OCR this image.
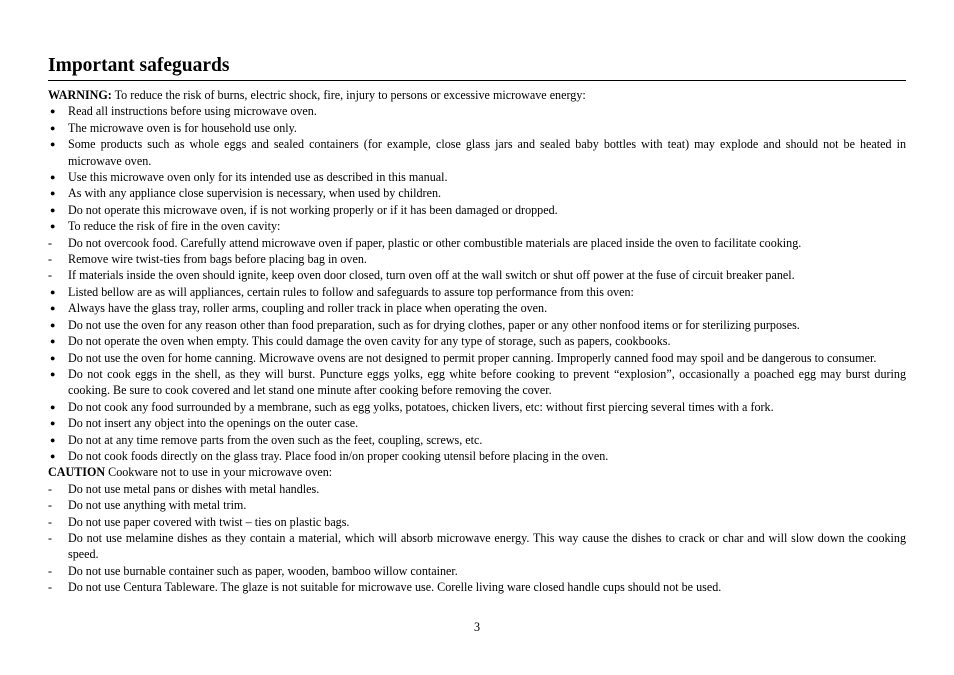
Important safeguards
WARNING: To reduce the risk of burns, electric shock, fire, injury to persons or excessive microwave energy:
●	Read all instructions before using microwave oven.
●	The microwave oven is for household use only.
●	Some products such as whole eggs and sealed containers (for example, close glass jars and sealed baby bottles with teat) may explode and should not be heated in microwave oven.
●	Use this microwave oven only for its intended use as described in this manual.
●	As with any appliance close supervision is necessary, when used by children.
●	Do not operate this microwave oven, if is not working properly or if it has been damaged or dropped.
●	To reduce the risk of fire in the oven cavity:
-	Do not overcook food. Carefully attend microwave oven if paper, plastic or other combustible materials are placed inside the oven to facilitate cooking.
-	Remove wire twist-ties from bags before placing bag in oven.
-	If materials inside the oven should ignite, keep oven door closed, turn oven off at the wall switch or shut off power at the fuse of circuit breaker panel.
●	Listed bellow are as will appliances, certain rules to follow and safeguards to assure top performance from this oven:
●	Always have the glass tray, roller arms, coupling and roller track in place when operating the oven.
●	Do not use the oven for any reason other than food preparation, such as for drying clothes, paper or any other nonfood items or for sterilizing purposes.
●	Do not operate the oven when empty. This could damage the oven cavity for any type of storage, such as papers, cookbooks.
●	Do not use the oven for home canning. Microwave ovens are not designed to permit proper canning. Improperly canned food may spoil and be dangerous to consumer.
●	Do not cook eggs in the shell, as they will burst. Puncture eggs yolks, egg white before cooking to prevent “explosion”, occasionally a poached egg may burst during cooking. Be sure to cook covered and let stand one minute after cooking before removing the cover.
●	Do not cook any food surrounded by a membrane, such as egg yolks, potatoes, chicken livers, etc: without first piercing several times with a fork.
●	Do not insert any object into the openings on the outer case.
●	Do not at any time remove parts from the oven such as the feet, coupling, screws, etc.
●	Do not cook foods directly on the glass tray. Place food in/on proper cooking utensil before placing in the oven.
CAUTION Cookware not to use in your microwave oven:
-	Do not use metal pans or dishes with metal handles.
-	Do not use anything with metal trim.
-	Do not use paper covered with twist – ties on plastic bags.
-	Do not use melamine dishes as they contain a material, which will absorb microwave energy. This way cause the dishes to crack or char and will slow down the cooking speed.
-	Do not use burnable container such as paper, wooden, bamboo willow container.
-	Do not use Centura Tableware. The glaze is not suitable for microwave use. Corelle living ware closed handle cups should not be used.
3
